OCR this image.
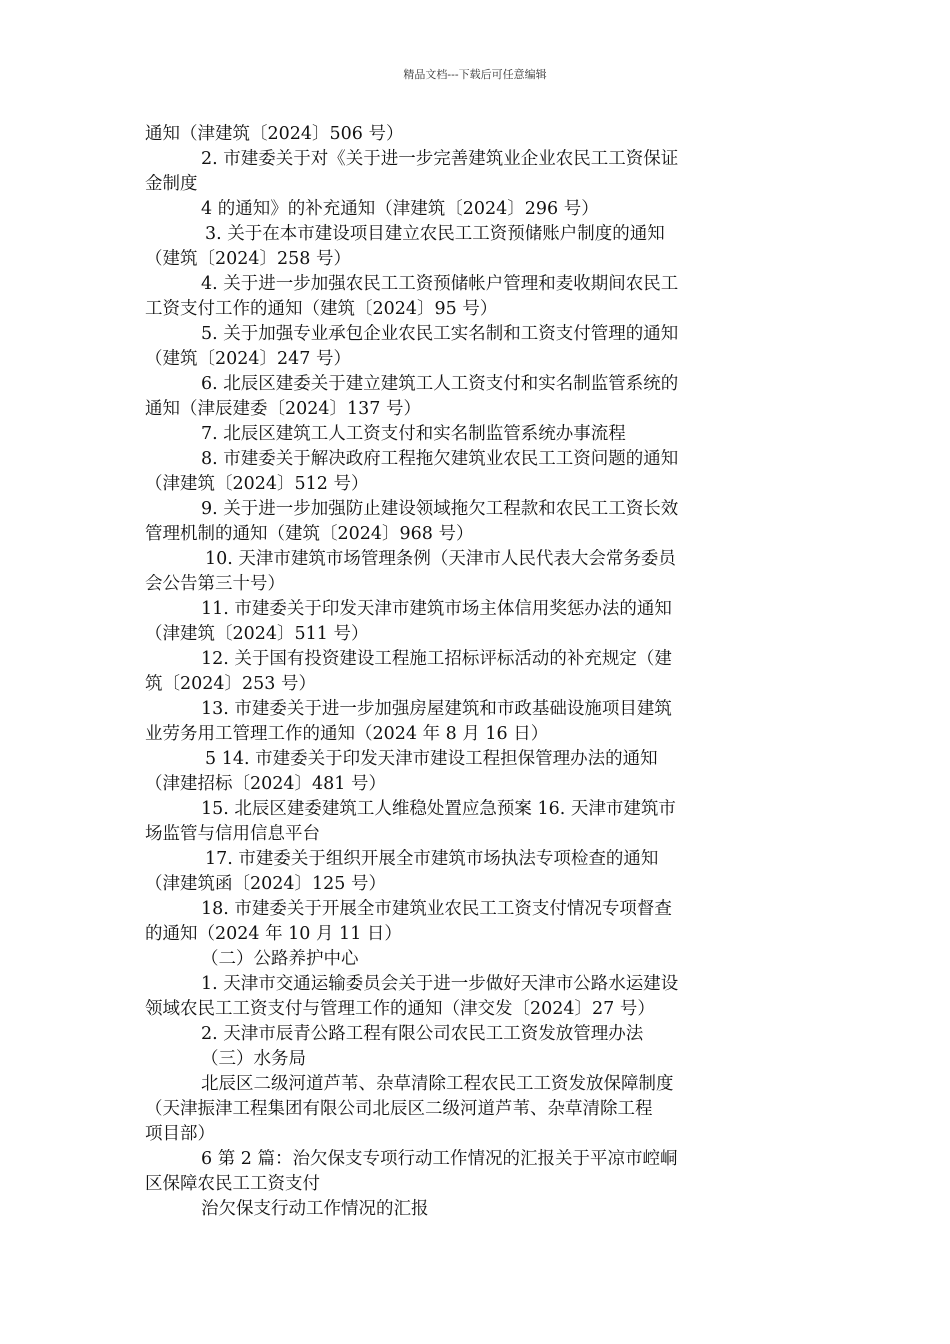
精品文档---下载后可任意编辑
通知（津建筑〔2024〕506 号）
2. 市建委关于对《关于进一步完善建筑业企业农民工工资保证
金制度
4 的通知》的补充通知（津建筑〔2024〕296 号）
3. 关于在本市建设项目建立农民工工资预储账户制度的通知
（建筑〔2024〕258 号）
4. 关于进一步加强农民工工资预储帐户管理和麦收期间农民工
工资支付工作的通知（建筑〔2024〕95 号）
5. 关于加强专业承包企业农民工实名制和工资支付管理的通知
（建筑〔2024〕247 号）
6. 北辰区建委关于建立建筑工人工资支付和实名制监管系统的
通知（津辰建委〔2024〕137 号）
7. 北辰区建筑工人工资支付和实名制监管系统办事流程
8. 市建委关于解决政府工程拖欠建筑业农民工工资问题的通知
（津建筑〔2024〕512 号）
9. 关于进一步加强防止建设领域拖欠工程款和农民工工资长效
管理机制的通知（建筑〔2024〕968 号）
10. 天津市建筑市场管理条例（天津市人民代表大会常务委员
会公告第三十号）
11. 市建委关于印发天津市建筑市场主体信用奖惩办法的通知
（津建筑〔2024〕511 号）
12. 关于国有投资建设工程施工招标评标活动的补充规定（建
筑〔2024〕253 号）
13. 市建委关于进一步加强房屋建筑和市政基础设施项目建筑
业劳务用工管理工作的通知（2024 年 8 月 16 日）
5 14. 市建委关于印发天津市建设工程担保管理办法的通知
（津建招标〔2024〕481 号）
15. 北辰区建委建筑工人维稳处置应急预案 16. 天津市建筑市
场监管与信用信息平台
17. 市建委关于组织开展全市建筑市场执法专项检查的通知
（津建筑函〔2024〕125 号）
18. 市建委关于开展全市建筑业农民工工资支付情况专项督查
的通知（2024 年 10 月 11 日）
（二）公路养护中心
1. 天津市交通运输委员会关于进一步做好天津市公路水运建设
领域农民工工资支付与管理工作的通知（津交发〔2024〕27 号）
2. 天津市辰青公路工程有限公司农民工工资发放管理办法
（三）水务局
北辰区二级河道芦苇、杂草清除工程农民工工资发放保障制度
（天津振津工程集团有限公司北辰区二级河道芦苇、杂草清除工程
项目部）
6 第 2 篇：治欠保支专项行动工作情况的汇报关于平凉市崆峒
区保障农民工工资支付
治欠保支行动工作情况的汇报
